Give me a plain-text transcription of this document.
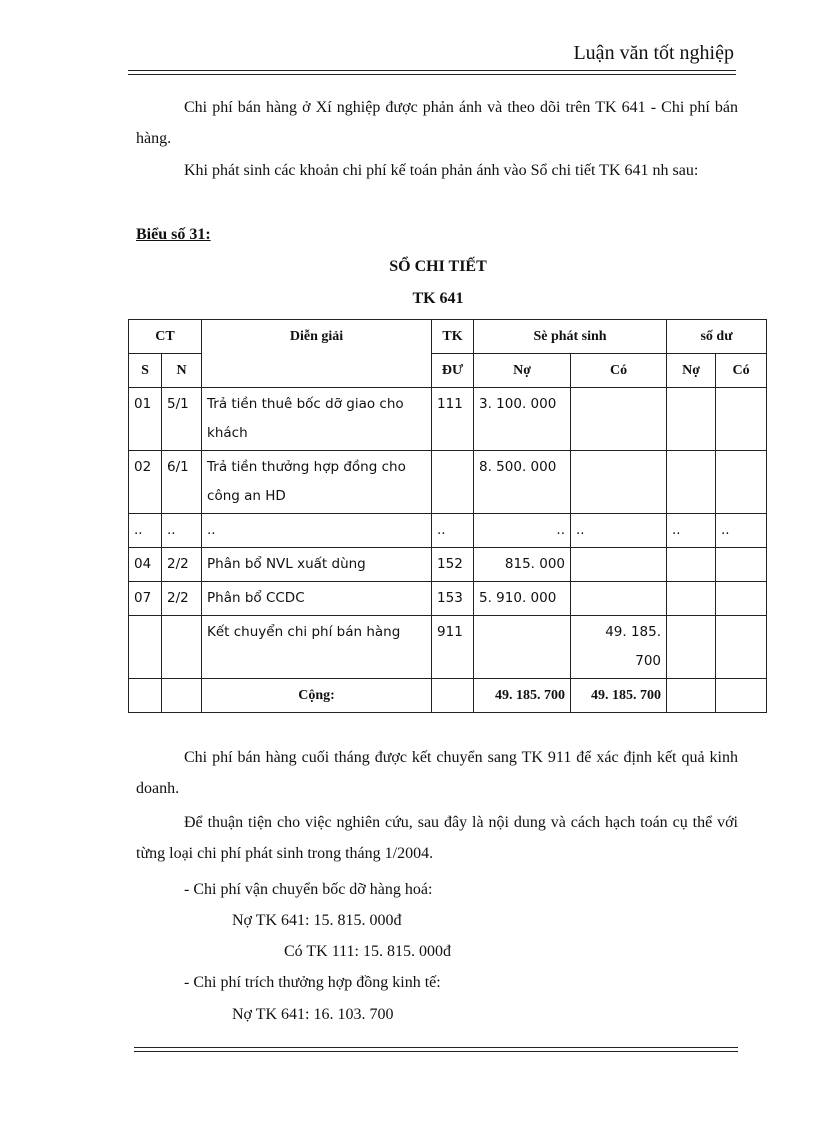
Luận văn tốt nghiệp
Chi phí bán hàng ở Xí nghiệp được phản ánh và theo dõi trên TK 641 - Chi phí bán hàng.
Khi phát sinh các khoản chi phí kế toán phản ánh vào Sổ chi tiết TK 641 nh sau:
Biểu số 31:
SỔ CHI TIẾT
TK 641
CT		Diễn giải	TK	Sè phát sinh		số dư	
S	N		ĐƯ	Nợ	Có	Nợ	Có
01	5/1	Trả tiền thuê bốc dỡ giao cho khách	111	3. 100. 000			
02	6/1	Trả tiền thưởng hợp đồng cho công an HD		8. 500. 000			
..	..	..	..	..	..	..	..
04	2/2	Phân bổ NVL xuất dùng	152	815. 000			
07	2/2	Phân bổ CCDC	153	5. 910. 000			
		Kết chuyển chi phí bán hàng	911		49. 185. 700		
		Cộng:		49. 185. 700	49. 185. 700		
Chi phí bán hàng cuối tháng được kết chuyển sang TK 911 để xác định kết quả kinh doanh.
Để thuận tiện cho việc nghiên cứu, sau đây là nội dung và cách hạch toán cụ thể với từng loại chi phí phát sinh trong tháng 1/2004.
- Chi phí vận chuyển bốc dỡ hàng hoá:
Nợ TK 641: 15. 815. 000đ
Có TK 111: 15. 815. 000đ
- Chi phí trích thưởng hợp đồng kinh tế:
Nợ TK 641: 16. 103. 700
